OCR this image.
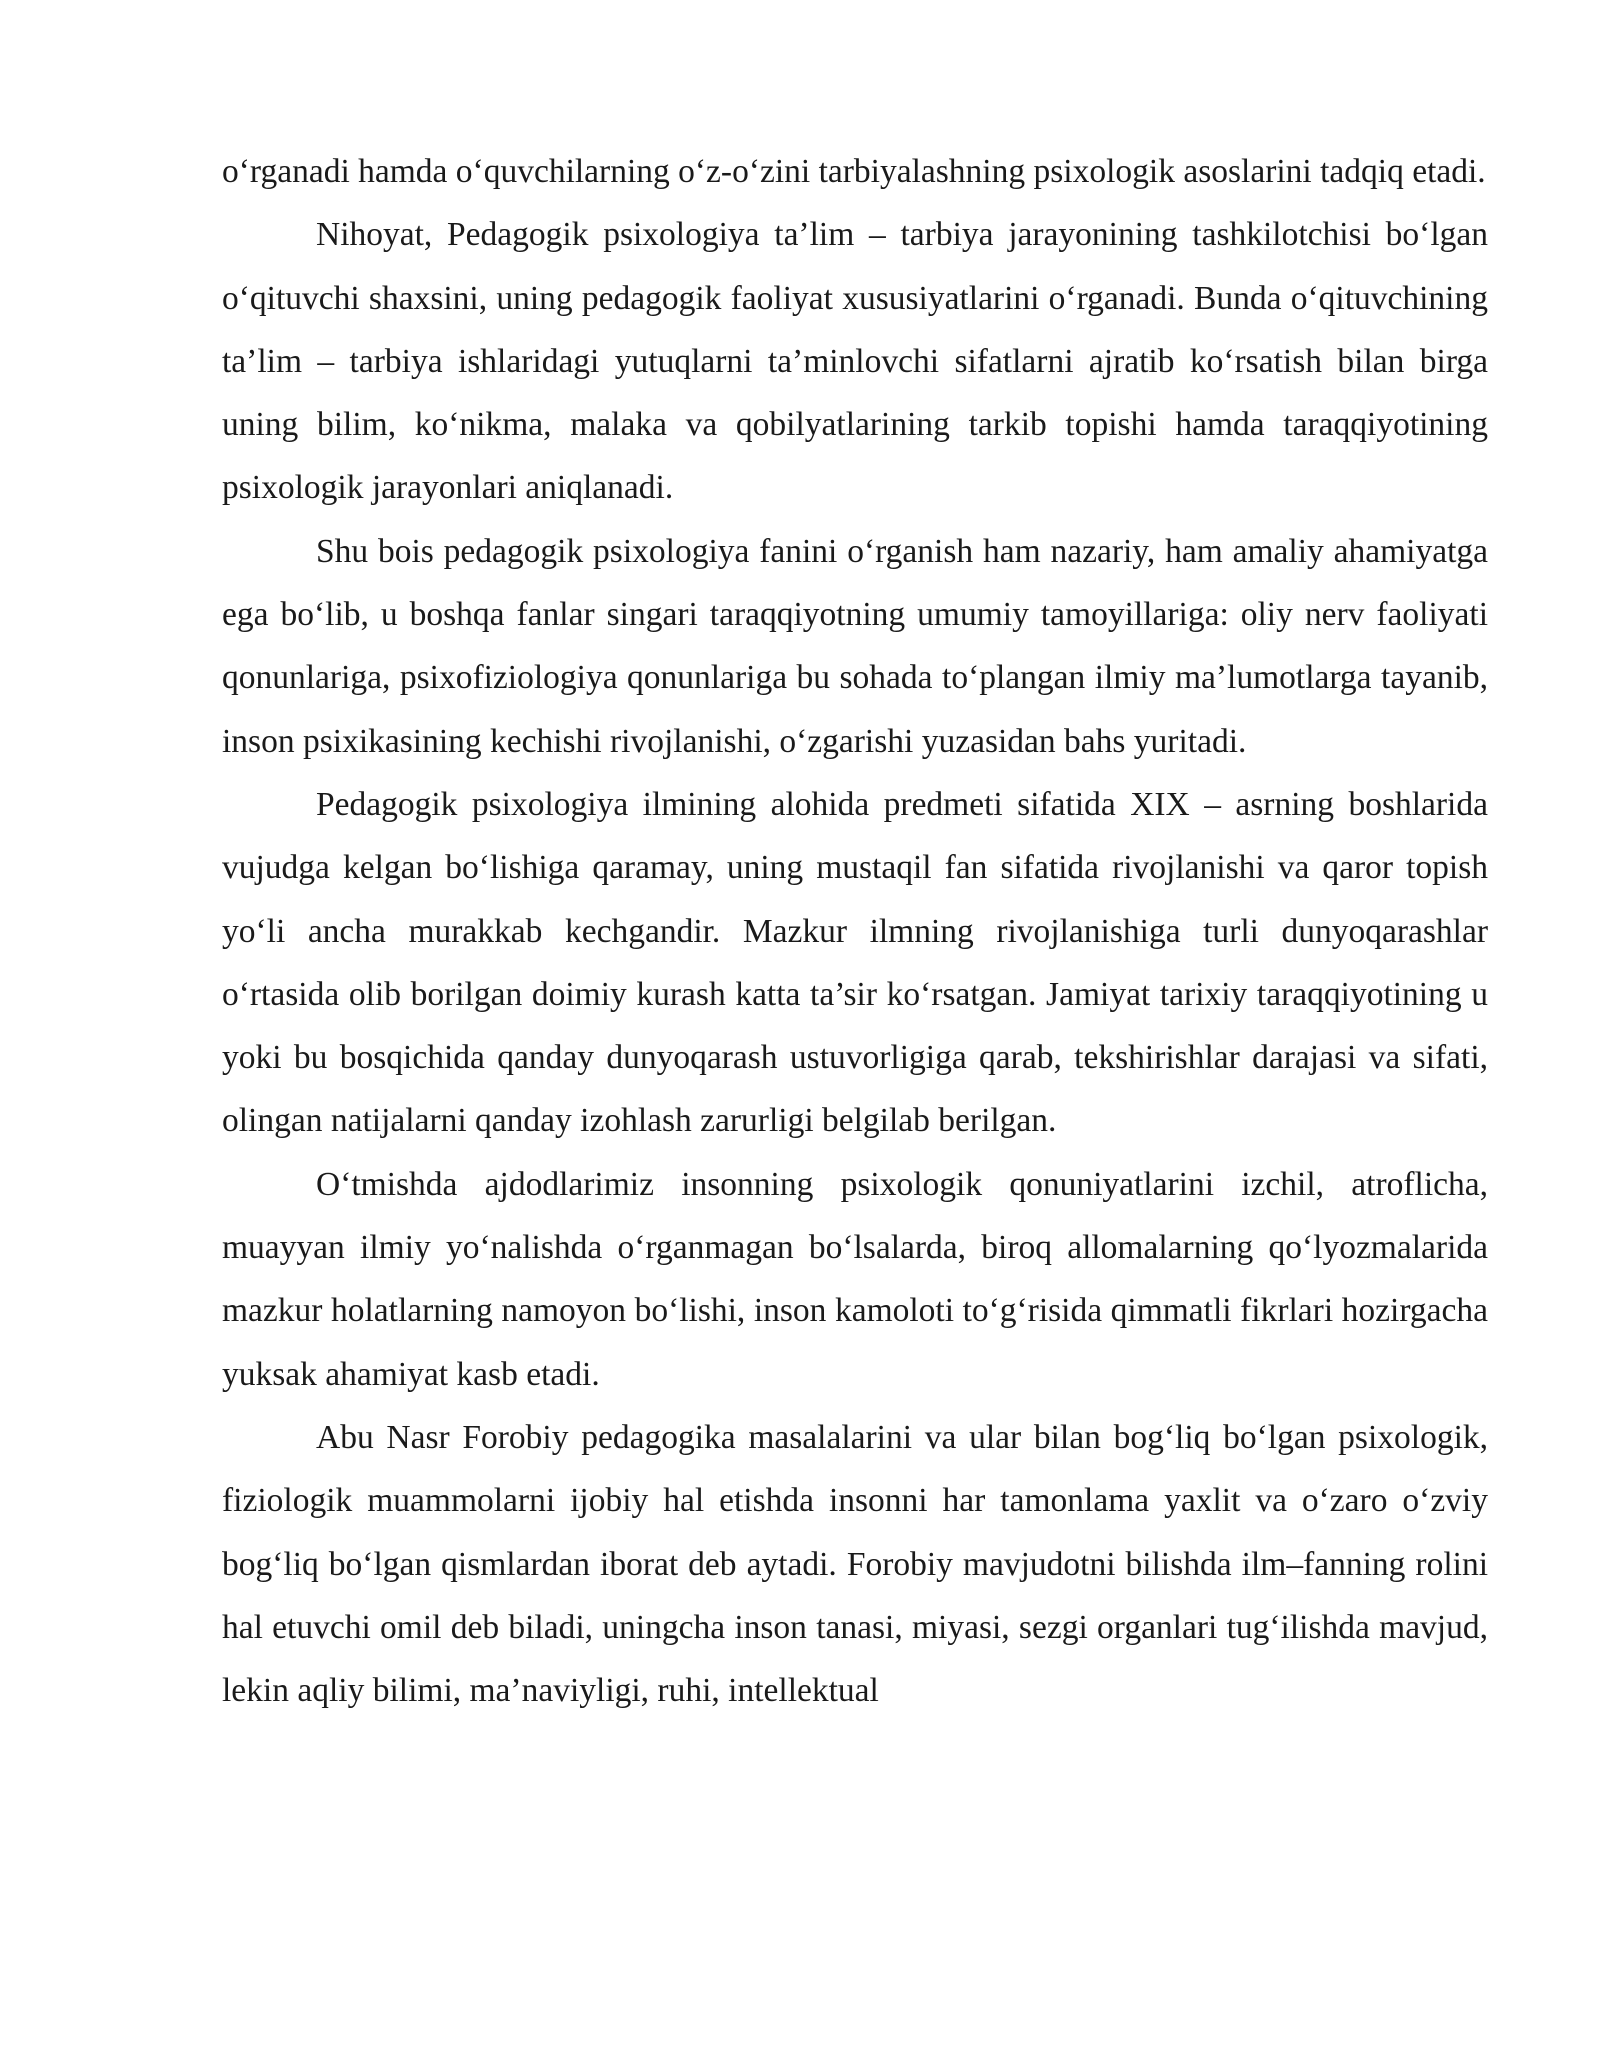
o‘rganadi hamda o‘quvchilarning o‘z-o‘zini tarbiyalashning psixologik asoslarini tadqiq etadi.

Nihoyat, Pedagogik psixologiya ta’lim – tarbiya jarayonining tashkilotchisi bo‘lgan o‘qituvchi shaxsini, uning pedagogik faoliyat xususiyatlarini o‘rganadi. Bunda o‘qituvchining ta’lim – tarbiya ishlaridagi yutuqlarni ta’minlovchi sifatlarni ajratib ko‘rsatish bilan birga uning bilim, ko‘nikma, malaka va qobilyatlarining tarkib topishi hamda taraqqiyotining psixologik jarayonlari aniqlanadi.

Shu bois pedagogik psixologiya fanini o‘rganish ham nazariy, ham amaliy ahamiyatga ega bo‘lib, u boshqa fanlar singari taraqqiyotning umumiy tamoyillariga: oliy nerv faoliyati qonunlariga, psixofiziologiya qonunlariga bu sohada to‘plangan ilmiy ma’lumotlarga tayanib, inson psixikasining kechishi rivojlanishi, o‘zgarishi yuzasidan bahs yuritadi.

Pedagogik psixologiya ilmining alohida predmeti sifatida XIX – asrning boshlarida vujudga kelgan bo‘lishiga qaramay, uning mustaqil fan sifatida rivojlanishi va qaror topish yo‘li ancha murakkab kechgandir. Mazkur ilmning rivojlanishiga turli dunyoqarashlar o‘rtasida olib borilgan doimiy kurash katta ta’sir ko‘rsatgan. Jamiyat tarixiy taraqqiyotining u yoki bu bosqichida qanday dunyoqarash ustuvorligiga qarab, tekshirishlar darajasi va sifati, olingan natijalarni qanday izohlash zarurligi belgilab berilgan.

O‘tmishda ajdodlarimiz insonning psixologik qonuniyatlarini izchil, atroflicha, muayyan ilmiy yo‘nalishda o‘rganmagan bo‘lsalarda, biroq allomalarning qo‘lyozmalarida mazkur holatlarning namoyon bo‘lishi, inson kamoloti to‘g‘risida qimmatli fikrlari hozirgacha yuksak ahamiyat kasb etadi.

Abu Nasr Forobiy pedagogika masalalarini va ular bilan bog‘liq bo‘lgan psixologik, fiziologik muammolarni ijobiy hal etishda insonni har tamonlama yaxlit va o‘zaro o‘zviy bog‘liq bo‘lgan qismlardan iborat deb aytadi. Forobiy mavjudotni bilishda ilm–fanning rolini hal etuvchi omil deb biladi, uningcha inson tanasi, miyasi, sezgi organlari tug‘ilishda mavjud, lekin aqliy bilimi, ma’naviyligi, ruhi, intellektual
